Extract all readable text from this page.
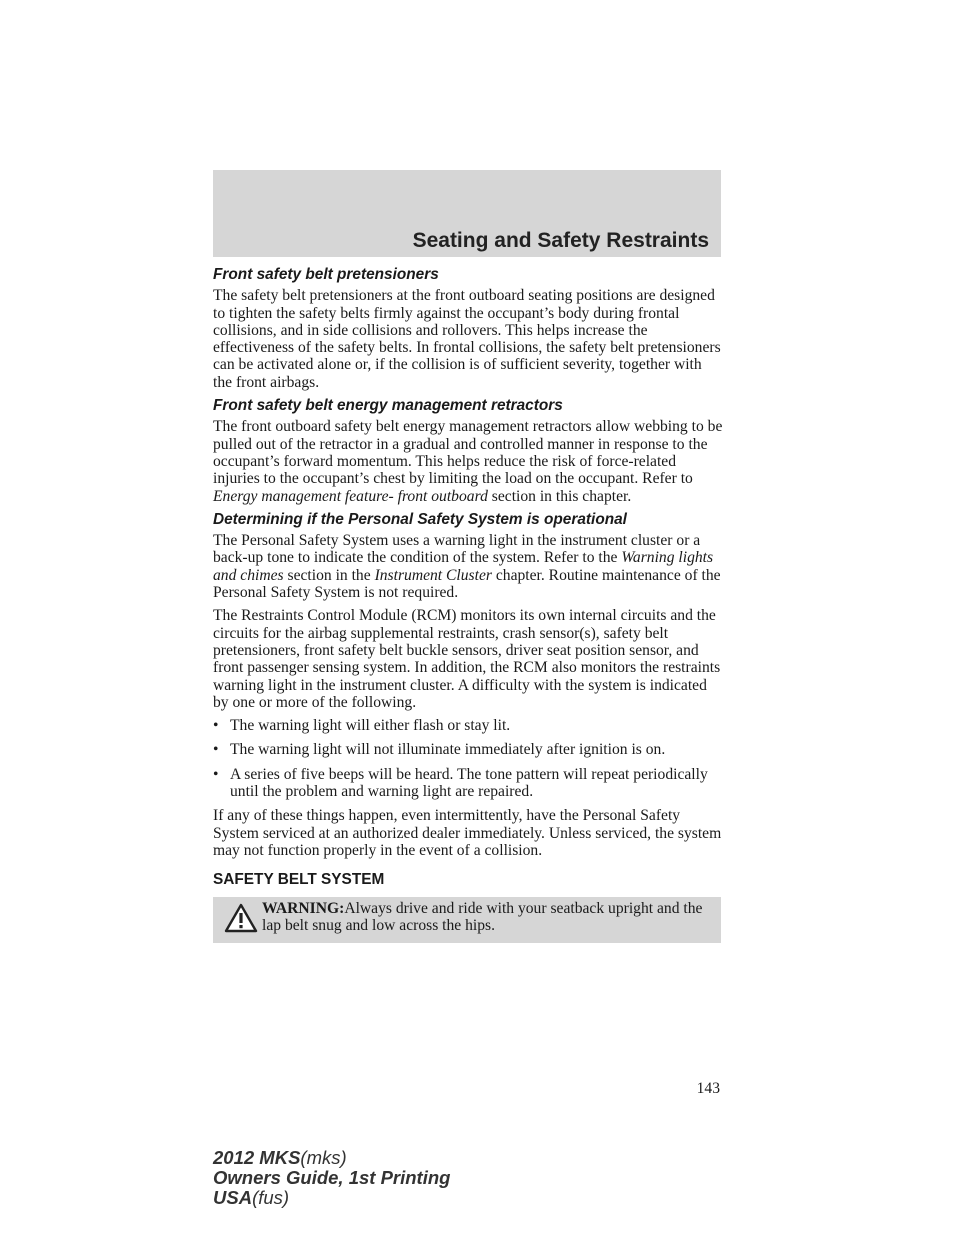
Seating and Safety Restraints
Front safety belt pretensioners
The safety belt pretensioners at the front outboard seating positions are designed to tighten the safety belts firmly against the occupant’s body during frontal collisions, and in side collisions and rollovers. This helps increase the effectiveness of the safety belts. In frontal collisions, the safety belt pretensioners can be activated alone or, if the collision is of sufficient severity, together with the front airbags.
Front safety belt energy management retractors
The front outboard safety belt energy management retractors allow webbing to be pulled out of the retractor in a gradual and controlled manner in response to the occupant’s forward momentum. This helps reduce the risk of force-related injuries to the occupant’s chest by limiting the load on the occupant. Refer to Energy management feature- front outboard section in this chapter.
Determining if the Personal Safety System is operational
The Personal Safety System uses a warning light in the instrument cluster or a back-up tone to indicate the condition of the system. Refer to the Warning lights and chimes section in the Instrument Cluster chapter. Routine maintenance of the Personal Safety System is not required.
The Restraints Control Module (RCM) monitors its own internal circuits and the circuits for the airbag supplemental restraints, crash sensor(s), safety belt pretensioners, front safety belt buckle sensors, driver seat position sensor, and front passenger sensing system. In addition, the RCM also monitors the restraints warning light in the instrument cluster. A difficulty with the system is indicated by one or more of the following.
• The warning light will either flash or stay lit.
• The warning light will not illuminate immediately after ignition is on.
• A series of five beeps will be heard. The tone pattern will repeat periodically until the problem and warning light are repaired.
If any of these things happen, even intermittently, have the Personal Safety System serviced at an authorized dealer immediately. Unless serviced, the system may not function properly in the event of a collision.
SAFETY BELT SYSTEM
WARNING:Always drive and ride with your seatback upright and the lap belt snug and low across the hips.
143
2012 MKS(mks)
Owners Guide, 1st Printing
USA(fus)
